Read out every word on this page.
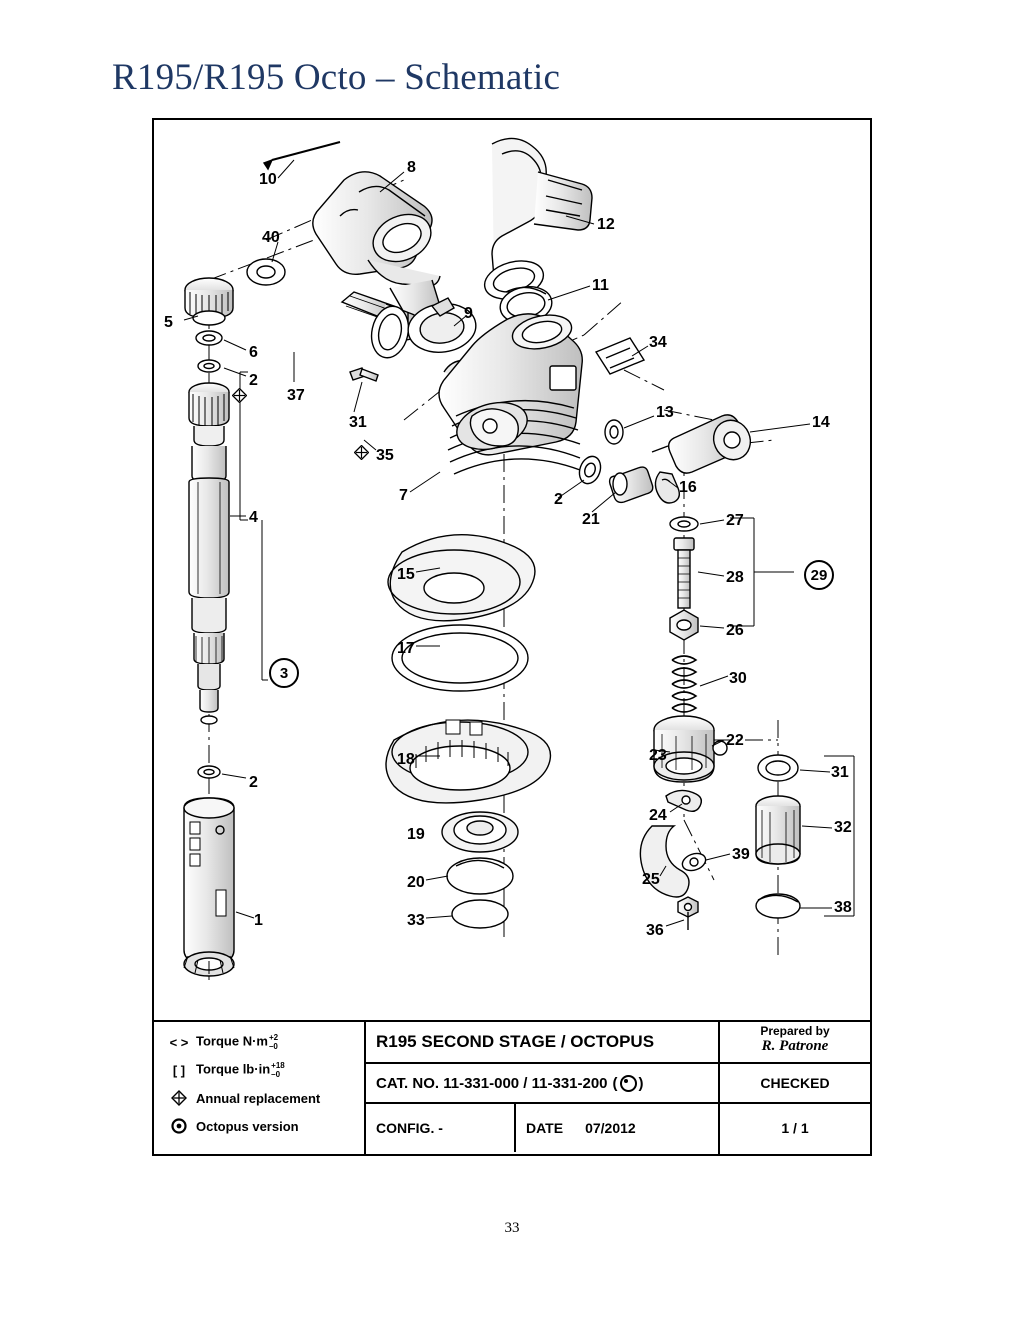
R195/R195 Octo – Schematic
10
8
12
40
11
9
34
5
6
2
37
31
13
14
35
7	2
16
21	27
28	29
15
26
17
30
3
18	23
22
31
2
24
19	32
39
25
20
33
38
36
1
4
< > Torque N·m+2
–0
[ ] Torque lb·in+18
–0
Annual replacement
Octopus version
R195 SECOND STAGE / OCTOPUS
CAT. NO. 11-331-000 / 11-331-200 ( )
CONFIG. -	DATE 07/2012
Prepared by
R. Patrone
CHECKED
1 / 1
33
